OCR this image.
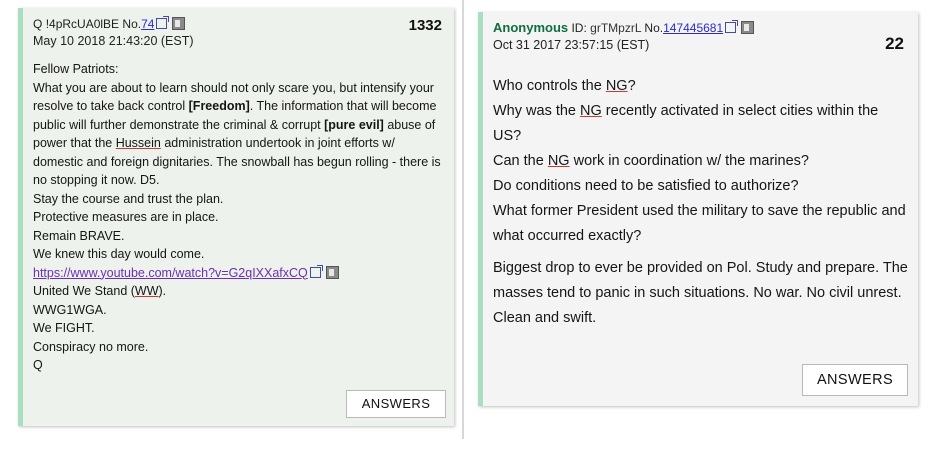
Q !4pRcUA0lBE No.74
May 10 2018 21:43:20 (EST)
1332

Fellow Patriots:

What you are about to learn should not only scare you, but intensify your resolve to take back control [Freedom]. The information that will become public will further demonstrate the criminal & corrupt [pure evil] abuse of power that the Hussein administration undertook in joint efforts w/ domestic and foreign dignitaries. The snowball has begun rolling - there is no stopping it now. D5.

Stay the course and trust the plan.

Protective measures are in place.

Remain BRAVE.

We knew this day would come.

https://www.youtube.com/watch?v=G2qIXXafxCQ

United We Stand (WW).

WWG1WGA.

We FIGHT.

Conspiracy no more.

Q

ANSWERS
Anonymous ID: grTMpzrL No.147445681
Oct 31 2017 23:57:15 (EST)	22

Who controls the NG?

Why was the NG recently activated in select cities within the US?

Can the NG work in coordination w/ the marines?

Do conditions need to be satisfied to authorize?

What former President used the military to save the republic and what occurred exactly?

Biggest drop to ever be provided on Pol. Study and prepare. The masses tend to panic in such situations. No war. No civil unrest. Clean and swift.

ANSWERS
